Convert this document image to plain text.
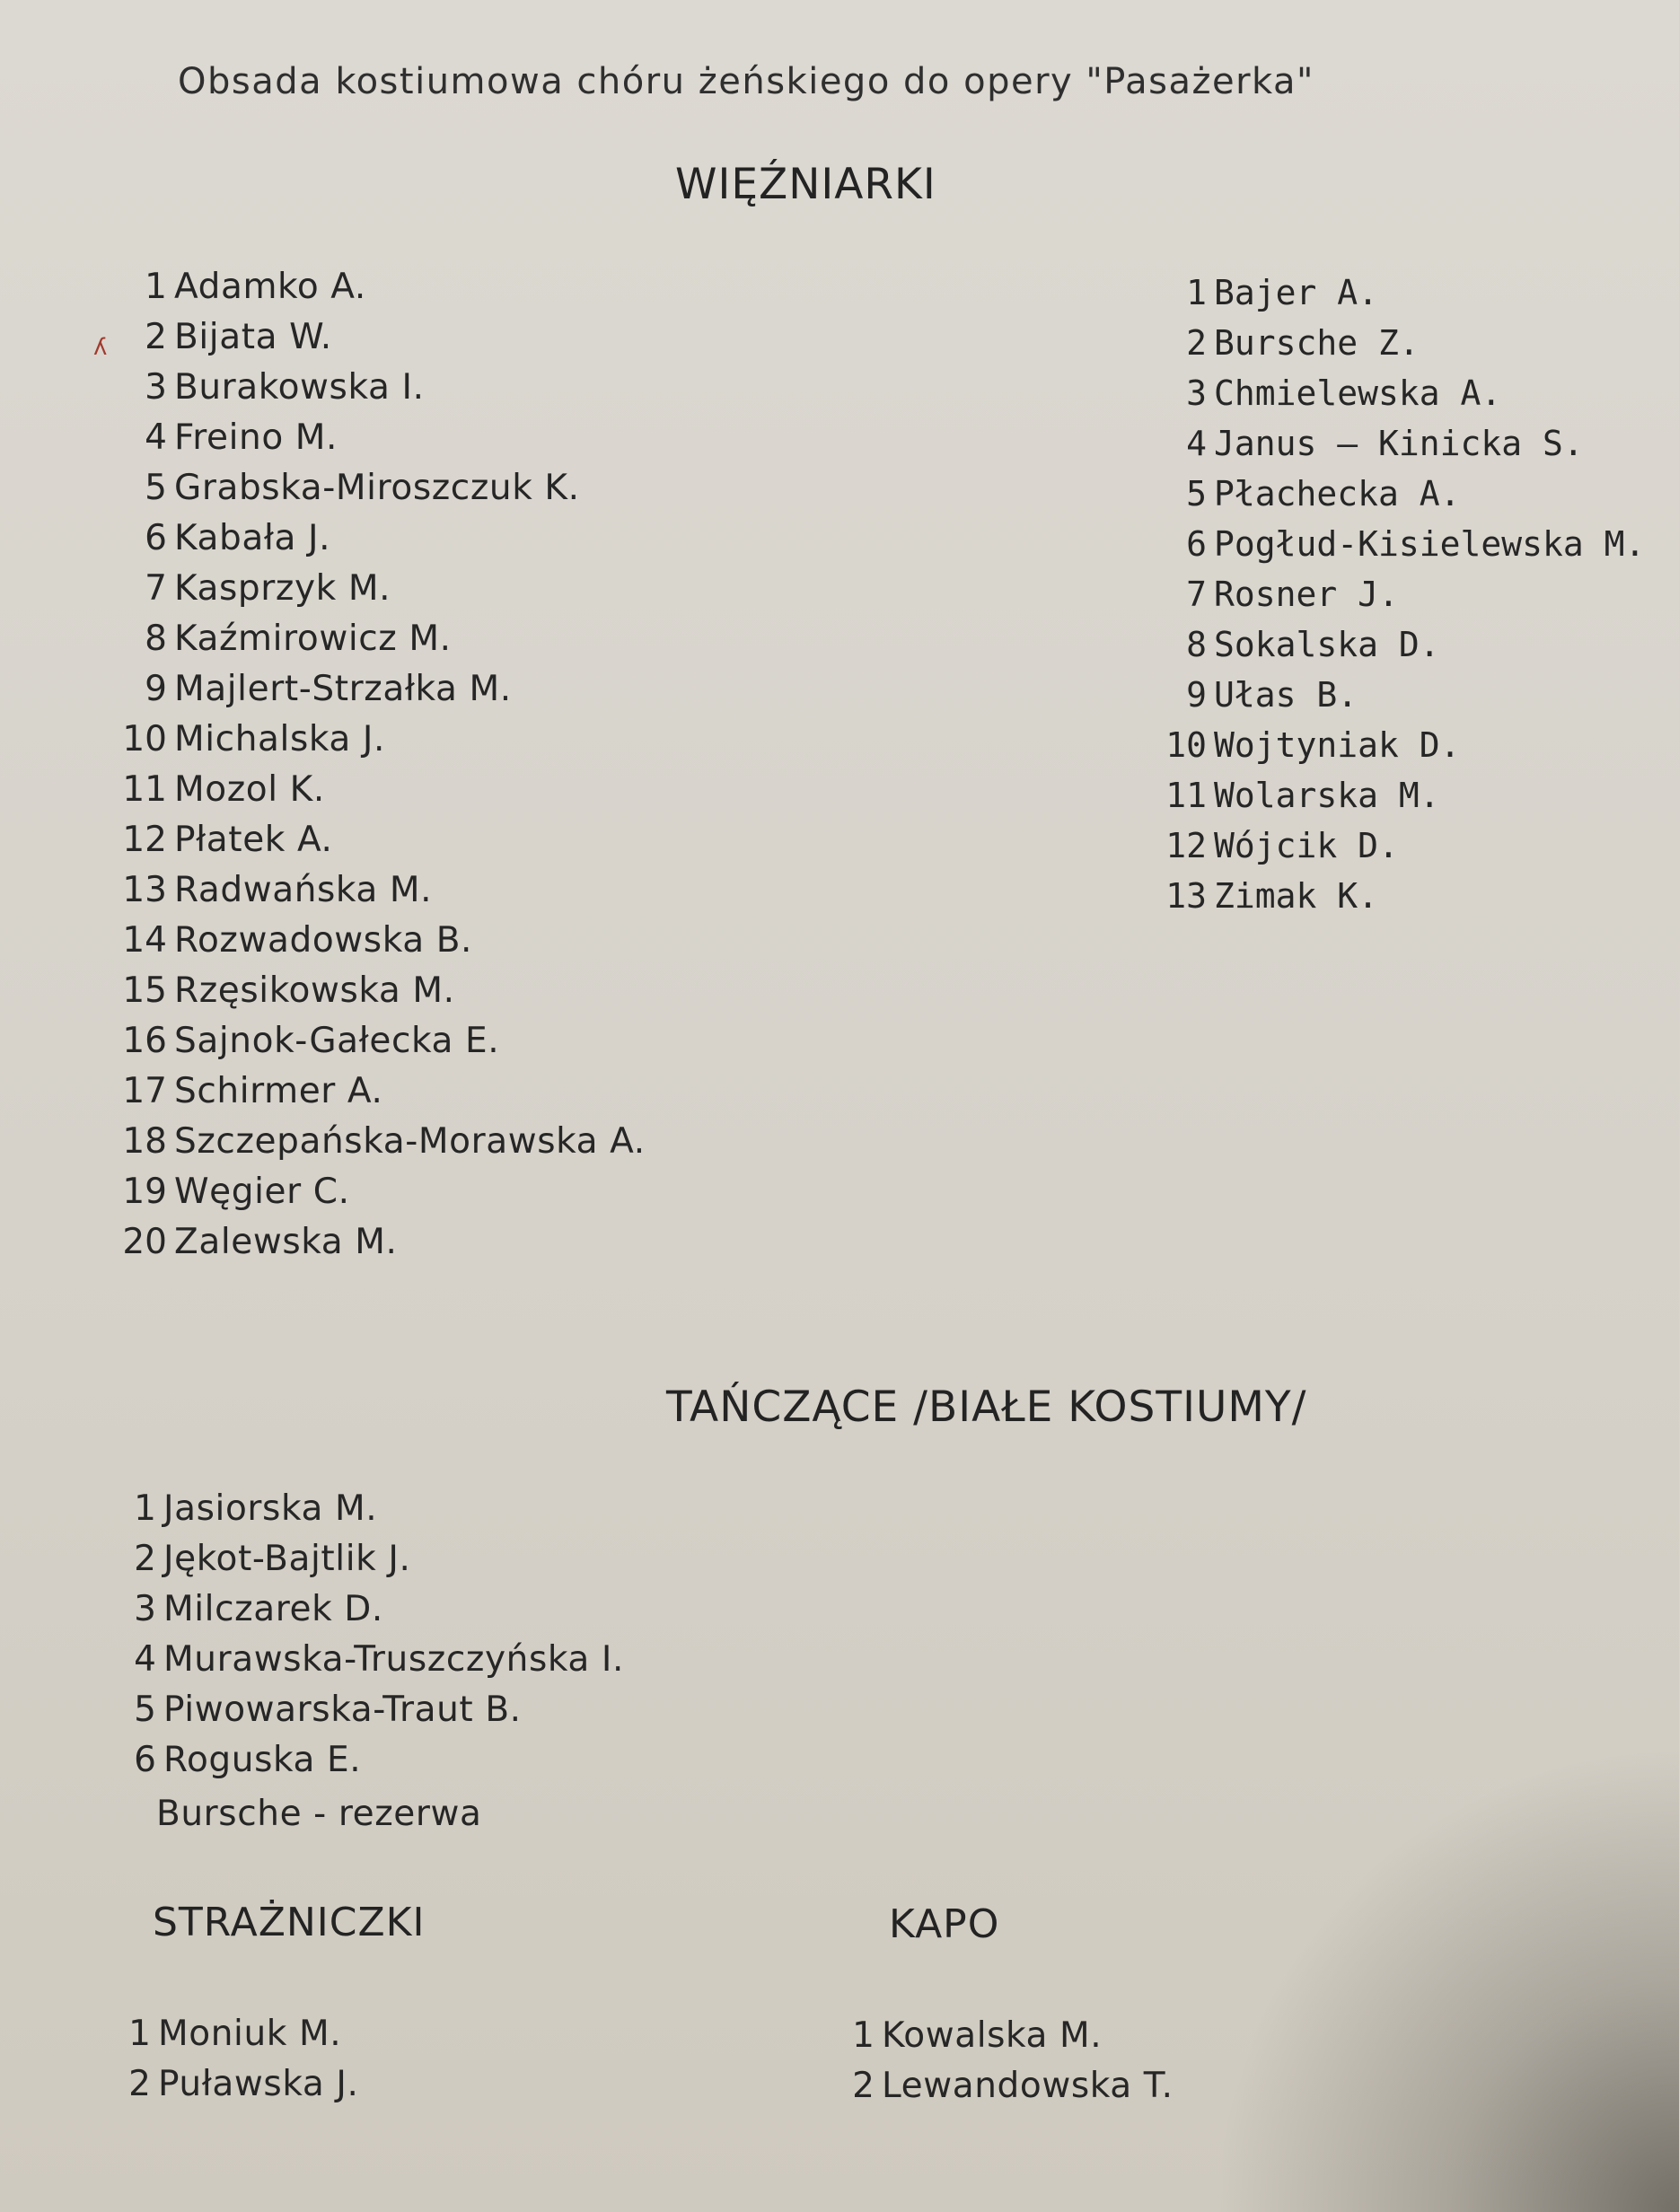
Obsada kostiumowa chóru żeńskiego do opery "Pasażerka"
WIĘŹNIARKI
ʎ
1 Adamko A.
2 Bijata W.
3 Burakowska I.
4 Freino M.
5 Grabska-Miroszczuk K.
6 Kabała J.
7 Kasprzyk M.
8 Kaźmirowicz M.
9 Majlert-Strzałka M.
10 Michalska J.
11 Mozol K.
12 Płatek A.
13 Radwańska M.
14 Rozwadowska B.
15 Rzęsikowska M.
16 Sajnok-Gałecka E.
17 Schirmer A.
18 Szczepańska-Morawska A.
19 Węgier C.
20 Zalewska M.
1 Bajer A.
2 Bursche Z.
3 Chmielewska A.
4 Janus – Kinicka S.
5 Płachecka A.
6 Pogłud-Kisielewska M.
7 Rosner J.
8 Sokalska D.
9 Ułas B.
10 Wojtyniak D.
11 Wolarska M.
12 Wójcik D.
13 Zimak K.
TAŃCZĄCE /BIAŁE KOSTIUMY/
1 Jasiorska M.
2 Jękot-Bajtlik J.
3 Milczarek D.
4 Murawska-Truszczyńska I.
5 Piwowarska-Traut B.
6 Roguska E.
Bursche - rezerwa
STRAŻNICZKI	KAPO
1 Moniuk M.
2 Puławska J.
1 Kowalska M.
2 Lewandowska T.
